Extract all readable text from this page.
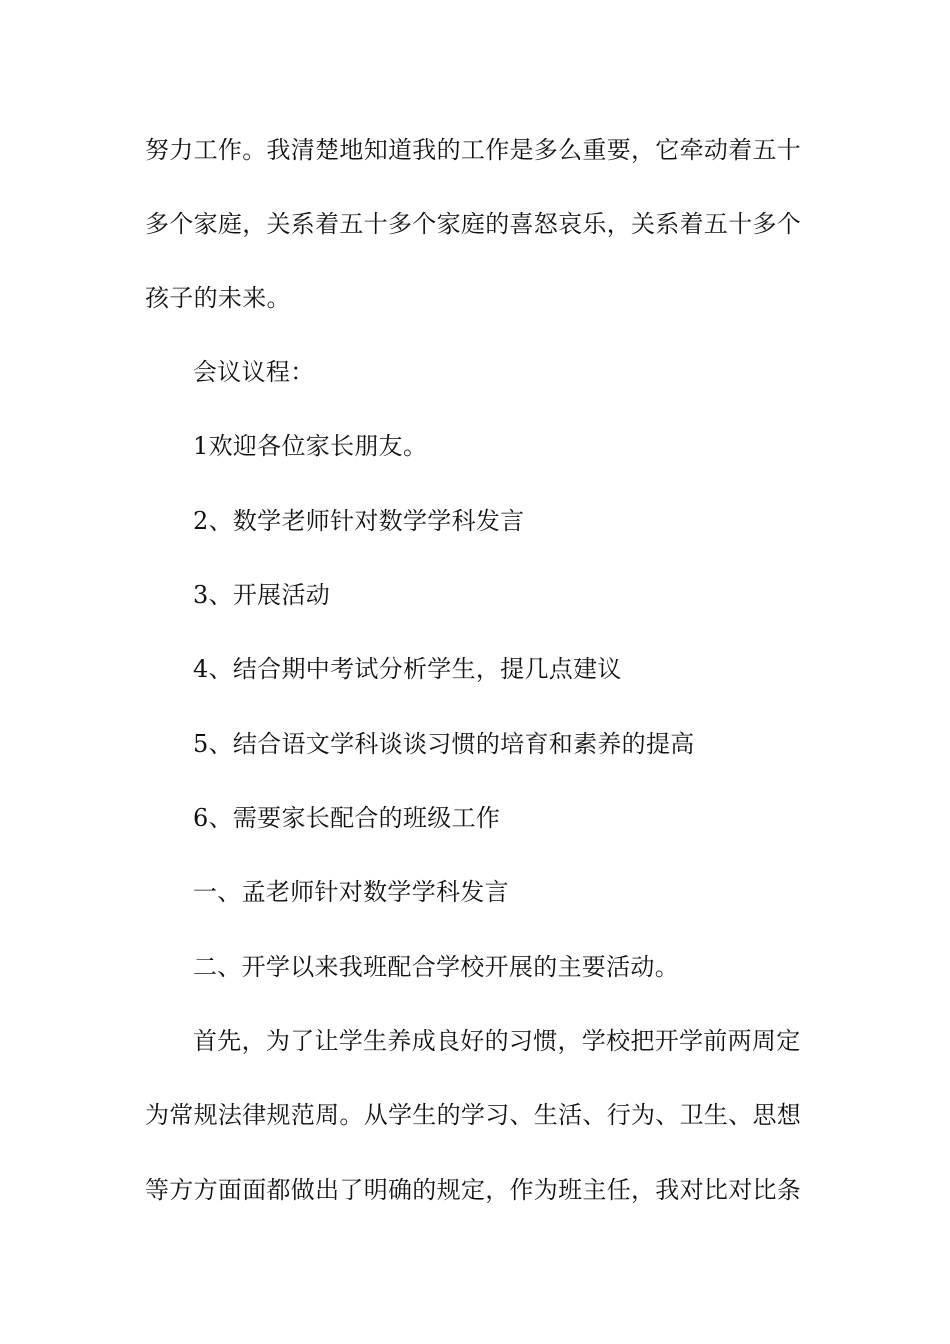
努力工作。我清楚地知道我的工作是多么重要，它牵动着五十
多个家庭，关系着五十多个家庭的喜怒哀乐，关系着五十多个
孩子的未来。
会议议程：
1欢迎各位家长朋友。
2、数学老师针对数学学科发言
3、开展活动
4、结合期中考试分析学生，提几点建议
5、结合语文学科谈谈习惯的培育和素养的提高
6、需要家长配合的班级工作
一、孟老师针对数学学科发言
二、开学以来我班配合学校开展的主要活动。
首先，为了让学生养成良好的习惯，学校把开学前两周定
为常规法律规范周。从学生的学习、生活、行为、卫生、思想
等方方面面都做出了明确的规定，作为班主任，我对比对比条
